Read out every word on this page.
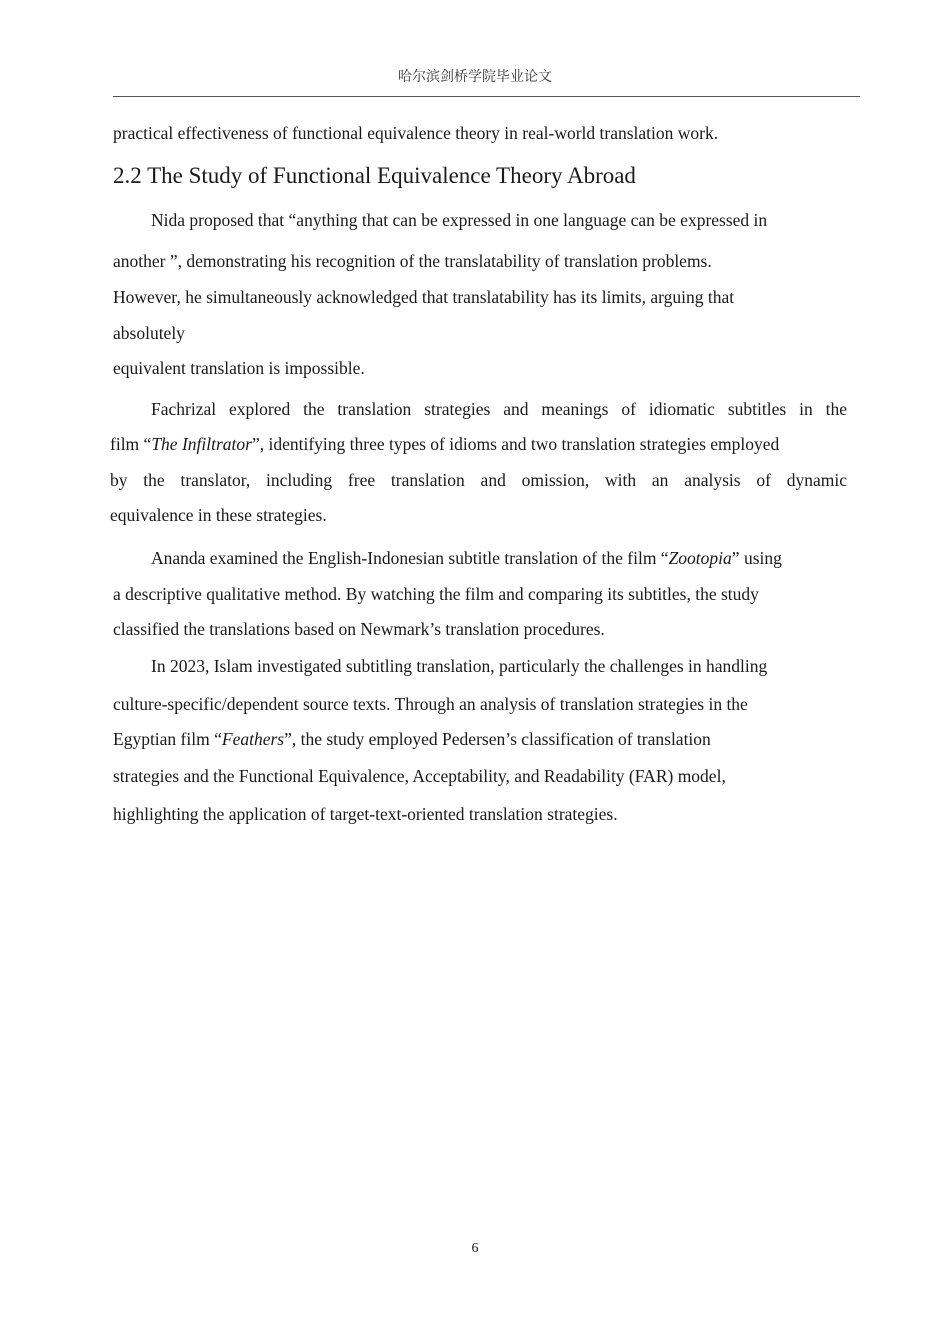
哈尔滨剑桥学院毕业论文
practical effectiveness of functional equivalence theory in real-world translation work.
2.2 The Study of Functional Equivalence Theory Abroad
Nida proposed that “anything that can be expressed in one language can be expressed in
another ”, demonstrating his recognition of the translatability of translation problems.
However, he simultaneously acknowledged that translatability has its limits, arguing that
absolutely
equivalent translation is impossible.
Fachrizal explored the translation strategies and meanings of idiomatic subtitles in the
film “The Infiltrator”, identifying three types of idioms and two translation strategies employed
by the translator, including free translation and omission, with an analysis of dynamic
equivalence in these strategies.
Ananda examined the English-Indonesian subtitle translation of the film “Zootopia” using
a descriptive qualitative method. By watching the film and comparing its subtitles, the study
classified the translations based on Newmark’s translation procedures.
In 2023, Islam investigated subtitling translation, particularly the challenges in handling
culture-specific/dependent source texts. Through an analysis of translation strategies in the
Egyptian film “Feathers”, the study employed Pedersen’s classification of translation
strategies and the Functional Equivalence, Acceptability, and Readability (FAR) model,
highlighting the application of target-text-oriented translation strategies.
6
